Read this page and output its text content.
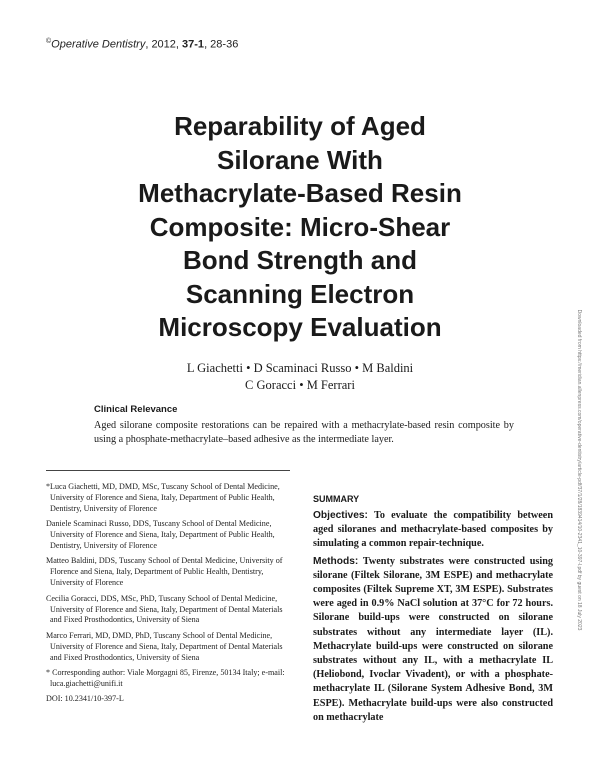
©Operative Dentistry, 2012, 37-1, 28-36
Reparability of Aged
Silorane With
Methacrylate-Based Resin
Composite: Micro-Shear
Bond Strength and
Scanning Electron
Microscopy Evaluation
L Giachetti • D Scaminaci Russo • M Baldini
C Goracci • M Ferrari
Clinical Relevance
Aged silorane composite restorations can be repaired with a methacrylate-based resin composite by using a phosphate-methacrylate–based adhesive as the intermediate layer.	Downloaded from https://meridian.allenpress.com/operative-dentistry/article-pdf/37/1/28/1839414/10-2341_10-397-l.pdf by guest on 18 July 2023

*Luca Giachetti, MD, DMD, MSc, Tuscany School of Dental Medicine, University of Florence and Siena, Italy, Department of Public Health, Dentistry, University of Florence

Daniele Scaminaci Russo, DDS, Tuscany School of Dental Medicine, University of Florence and Siena, Italy, Department of Public Health, Dentistry, University of Florence

Matteo Baldini, DDS, Tuscany School of Dental Medicine, University of Florence and Siena, Italy, Department of Public Health, Dentistry, University of Florence

Cecilia Goracci, DDS, MSc, PhD, Tuscany School of Dental Medicine, University of Florence and Siena, Italy, Department of Dental Materials and Fixed Prosthodontics, University of Siena

Marco Ferrari, MD, DMD, PhD, Tuscany School of Dental Medicine, University of Florence and Siena, Italy, Department of Dental Materials and Fixed Prosthodontics, University of Siena

* Corresponding author: Viale Morgagni 85, Firenze, 50134 Italy; e-mail: luca.giachetti@unifi.it

DOI: 10.2341/10-397-L

SUMMARY

Objectives: To evaluate the compatibility between aged siloranes and methacrylate-based composites by simulating a common repair-technique.

Methods: Twenty substrates were constructed using silorane (Filtek Silorane, 3M ESPE) and methacrylate composites (Filtek Supreme XT, 3M ESPE). Substrates were aged in 0.9% NaCl solution at 37°C for 72 hours. Silorane build-ups were constructed on silorane substrates without any intermediate layer (IL). Methacrylate build-ups were constructed on silorane substrates without any IL, with a methacrylate IL (Heliobond, Ivoclar Vivadent), or with a phosphate-methacrylate IL (Silorane System Adhesive Bond, 3M ESPE). Methacrylate build-ups were also constructed on methacrylate
